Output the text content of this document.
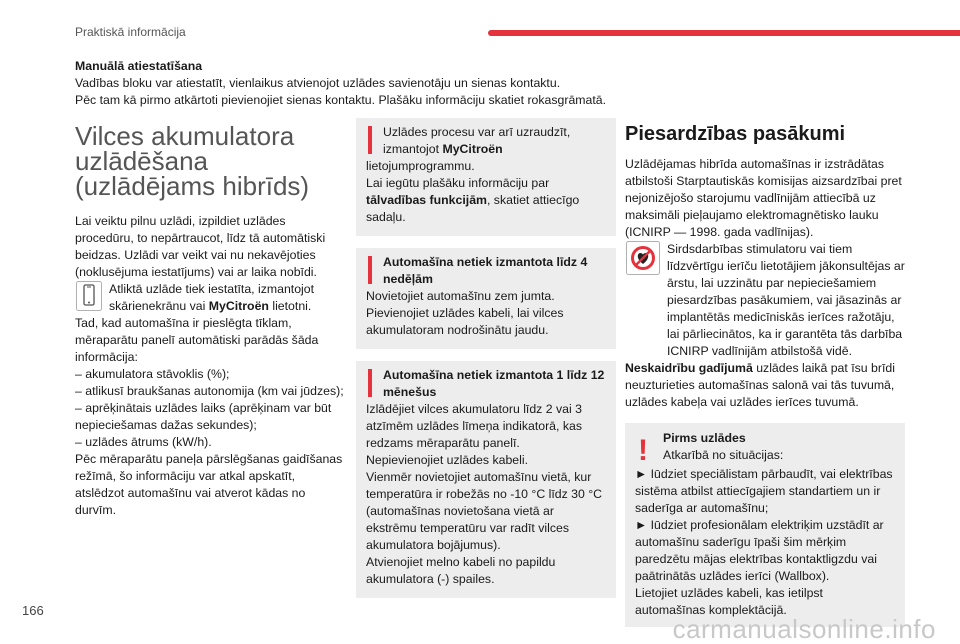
Praktiskā informācija

Manuālā atiestatīšana

Vadības bloku var atiestatīt, vienlaikus atvienojot uzlādes savienotāju un sienas kontaktu.

Pēc tam kā pirmo atkārtoti pievienojiet sienas kontaktu. Plašāku informāciju skatiet rokasgrāmatā.

Vilces akumulatora uzlādēšana (uzlādējams hibrīds)

Lai veiktu pilnu uzlādi, izpildiet uzlādes procedūru, to nepārtraucot, līdz tā automātiski beidzas. Uzlādi var veikt vai nu nekavējoties (noklusējuma iestatījums) vai ar laika nobīdi.

Atliktā uzlāde tiek iestatīta, izmantojot skārienekrānu vai MyCitroën lietotni.

Tad, kad automašīna ir pieslēgta tīklam, mēraparātu panelī automātiski parādās šāda informācija:

– akumulatora stāvoklis (%);

– atlikusī braukšanas autonomija (km vai jūdzes);

– aprēķinātais uzlādes laiks (aprēķinam var būt nepieciešamas dažas sekundes);

– uzlādes ātrums (kW/h).

Pēc mēraparātu paneļa pārslēgšanas gaidīšanas režīmā, šo informāciju var atkal apskatīt, atslēdzot automašīnu vai atverot kādas no durvīm.

Uzlādes procesu var arī uzraudzīt, izmantojot MyCitroën

lietojumprogrammu.

Lai iegūtu plašāku informāciju par tālvadības funkcijām, skatiet attiecīgo sadaļu.

Automašīna netiek izmantota līdz 4 nedēļām

Novietojiet automašīnu zem jumta. Pievienojiet uzlādes kabeli, lai vilces akumulatoram nodrošinātu jaudu.

Automašīna netiek izmantota 1 līdz 12 mēnešus

Izlādējiet vilces akumulatoru līdz 2 vai 3 atzīmēm uzlādes līmeņa indikatorā, kas redzams mēraparātu panelī.

Nepievienojiet uzlādes kabeli.

Vienmēr novietojiet automašīnu vietā, kur temperatūra ir robežās no -10 °C līdz 30 °C (automašīnas novietošana vietā ar ekstrēmu temperatūru var radīt vilces akumulatora bojājumus).

Atvienojiet melno kabeli no papildu akumulatora (-) spailes.

Piesardzības pasākumi

Uzlādējamas hibrīda automašīnas ir izstrādātas atbilstoši Starptautiskās komisijas aizsardzībai pret nejonizējošo starojumu vadlīnijām attiecībā uz maksimāli pieļaujamo elektromagnētisko lauku (ICNIRP — 1998. gada vadlīnijas).

Sirdsdarbības stimulatoru vai tiem līdzvērtīgu ierīču lietotājiem jākonsultējas ar ārstu, lai uzzinātu par nepieciešamiem piesardzības pasākumiem, vai jāsazinās ar implantētās medicīniskās ierīces ražotāju, lai pārliecinātos, ka ir garantēta tās darbība ICNIRP vadlīnijām atbilstošā vidē.

Neskaidrību gadījumā uzlādes laikā pat īsu brīdi neuzturieties automašīnas salonā vai tās tuvumā, uzlādes kabeļa vai uzlādes ierīces tuvumā.

! Pirms uzlādes

Atkarībā no situācijas:

► Iūdziet speciālistam pārbaudīt, vai elektrības sistēma atbilst attiecīgajiem standartiem un ir saderīga ar automašīnu;

► Iūdziet profesionālam elektriķim uzstādīt ar automašīnu saderīgu īpaši šim mērķim paredzētu mājas elektrības kontaktligzdu vai paātrinātās uzlādes ierīci (Wallbox).

Lietojiet uzlādes kabeli, kas ietilpst automašīnas komplektācijā.

166
carmanualsonline.info
